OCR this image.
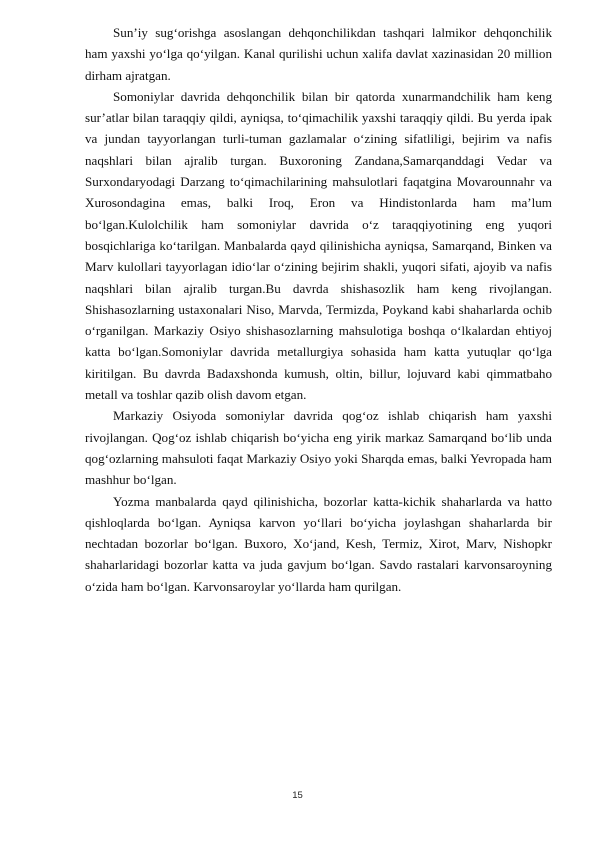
Sun’iy sug‘orishga asoslangan dehqonchilikdan tashqari lalmikor dehqonchilik ham yaxshi yo‘lga qo‘yilgan. Kanal qurilishi uchun xalifa davlat xazinasidan 20 million dirham ajratgan.

Somoniylar davrida dehqonchilik bilan bir qatorda xunarmandchilik ham keng sur’atlar bilan taraqqiy qildi, ayniqsa, to‘qimachilik yaxshi taraqqiy qildi. Bu yerda ipak va jundan tayyorlangan turli-tuman gazlamalar o‘zining sifatliligi, bejirim va nafis naqshlari bilan ajralib turgan. Buxoroning Zandana,Samarqanddagi Vedar va Surxondaryodagi Darzang to‘qimachilarining mahsulotlari faqatgina Movarounnahr va Xurosondagina emas, balki Iroq, Eron va Hindistonlarda ham ma’lum bo‘lgan.Kulolchilik ham somoniylar davrida o‘z taraqqiyotining eng yuqori bosqichlariga ko‘tarilgan. Manbalarda qayd qilinishicha ayniqsa, Samarqand, Binken va Marv kulollari tayyorlagan idio‘lar o‘zining bejirim shakli, yuqori sifati, ajoyib va nafis naqshlari bilan ajralib turgan.Bu davrda shishasozlik ham keng rivojlangan. Shishasozlarning ustaxonalari Niso, Marvda, Termizda, Poykand kabi shaharlarda ochib o‘rganilgan. Markaziy Osiyo shishasozlarning mahsulotiga boshqa o‘lkalardan ehtiyoj katta bo‘lgan.Somoniylar davrida metallurgiya sohasida ham katta yutuqlar qo‘lga kiritilgan. Bu davrda Badaxshonda kumush, oltin, billur, lojuvard kabi qimmatbaho metall va toshlar qazib olish davom etgan.

Markaziy Osiyoda somoniylar davrida qog‘oz ishlab chiqarish ham yaxshi rivojlangan. Qog‘oz ishlab chiqarish bo‘yicha eng yirik markaz Samarqand bo‘lib unda qog‘ozlarning mahsuloti faqat Markaziy Osiyo yoki Sharqda emas, balki Yevropada ham mashhur bo‘lgan.

Yozma manbalarda qayd qilinishicha, bozorlar katta-kichik shaharlarda va hatto qishloqlarda bo‘lgan. Ayniqsa karvon yo‘llari bo‘yicha joylashgan shaharlarda bir nechtadan bozorlar bo‘lgan. Buxoro, Xo‘jand, Kesh, Termiz, Xirot, Marv, Nishopkr shaharlaridagi bozorlar katta va juda gavjum bo‘lgan. Savdo rastalari karvonsaroyning o‘zida ham bo‘lgan. Karvonsaroylar yo‘llarda ham qurilgan.

15
